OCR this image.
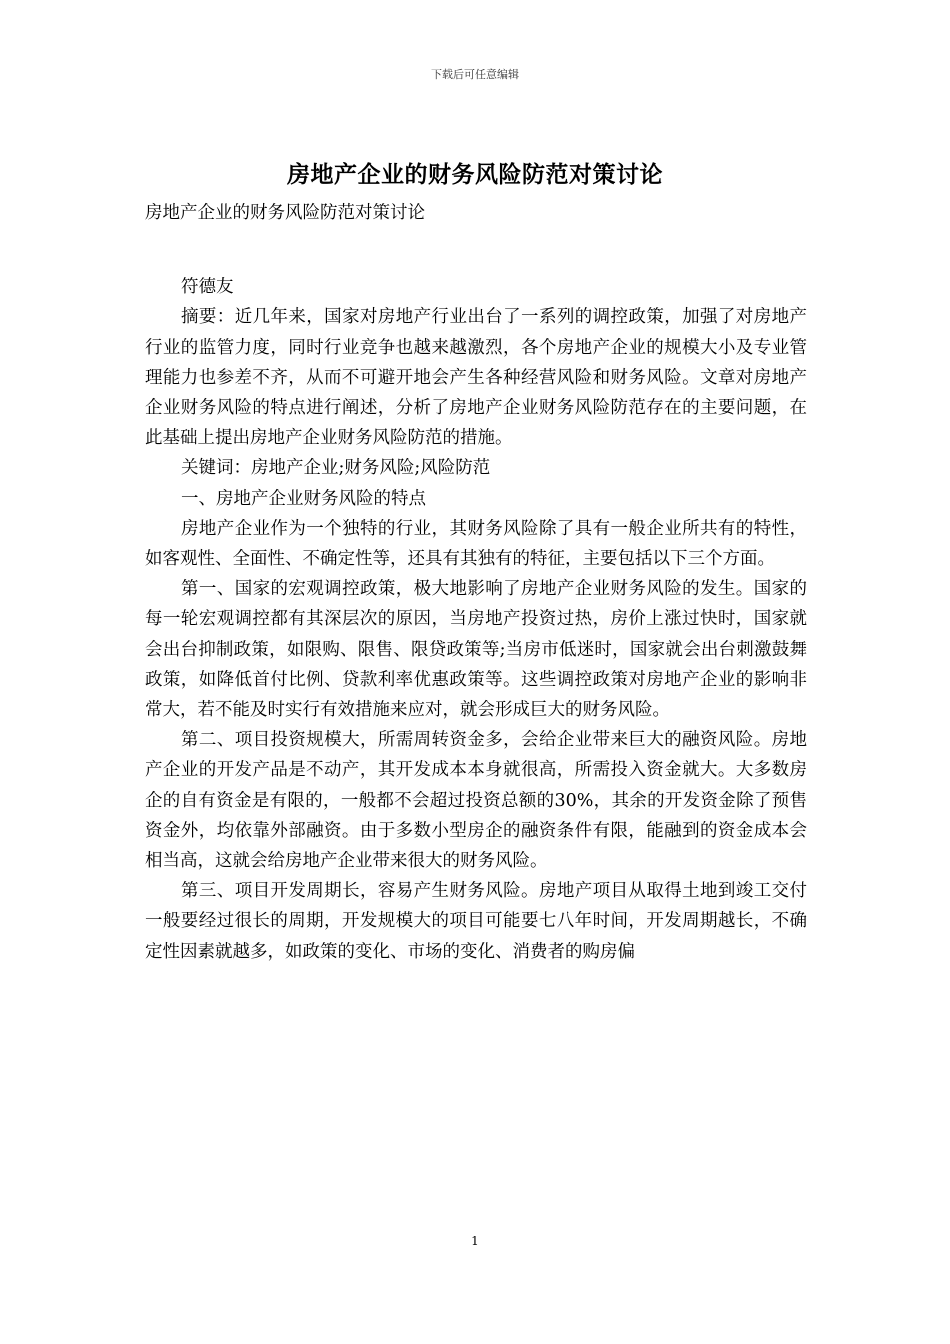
下载后可任意编辑
房地产企业的财务风险防范对策讨论

房地产企业的财务风险防范对策讨论

符德友

摘要：近几年来，国家对房地产行业出台了一系列的调控政策，加强了对房地产行业的监管力度，同时行业竞争也越来越激烈，各个房地产企业的规模大小及专业管理能力也参差不齐，从而不可避开地会产生各种经营风险和财务风险。文章对房地产企业财务风险的特点进行阐述，分析了房地产企业财务风险防范存在的主要问题，在此基础上提出房地产企业财务风险防范的措施。

关键词：房地产企业;财务风险;风险防范

一、房地产企业财务风险的特点

房地产企业作为一个独特的行业，其财务风险除了具有一般企业所共有的特性，如客观性、全面性、不确定性等，还具有其独有的特征，主要包括以下三个方面。

第一、国家的宏观调控政策，极大地影响了房地产企业财务风险的发生。国家的每一轮宏观调控都有其深层次的原因，当房地产投资过热，房价上涨过快时，国家就会出台抑制政策，如限购、限售、限贷政策等;当房市低迷时，国家就会出台刺激鼓舞政策，如降低首付比例、贷款利率优惠政策等。这些调控政策对房地产企业的影响非常大，若不能及时实行有效措施来应对，就会形成巨大的财务风险。

第二、项目投资规模大，所需周转资金多，会给企业带来巨大的融资风险。房地产企业的开发产品是不动产，其开发成本本身就很高，所需投入资金就大。大多数房企的自有资金是有限的，一般都不会超过投资总额的30%，其余的开发资金除了预售资金外，均依靠外部融资。由于多数小型房企的融资条件有限，能融到的资金成本会相当高，这就会给房地产企业带来很大的财务风险。

第三、项目开发周期长，容易产生财务风险。房地产项目从取得土地到竣工交付一般要经过很长的周期，开发规模大的项目可能要七八年时间，开发周期越长，不确定性因素就越多，如政策的变化、市场的变化、消费者的购房偏

1
